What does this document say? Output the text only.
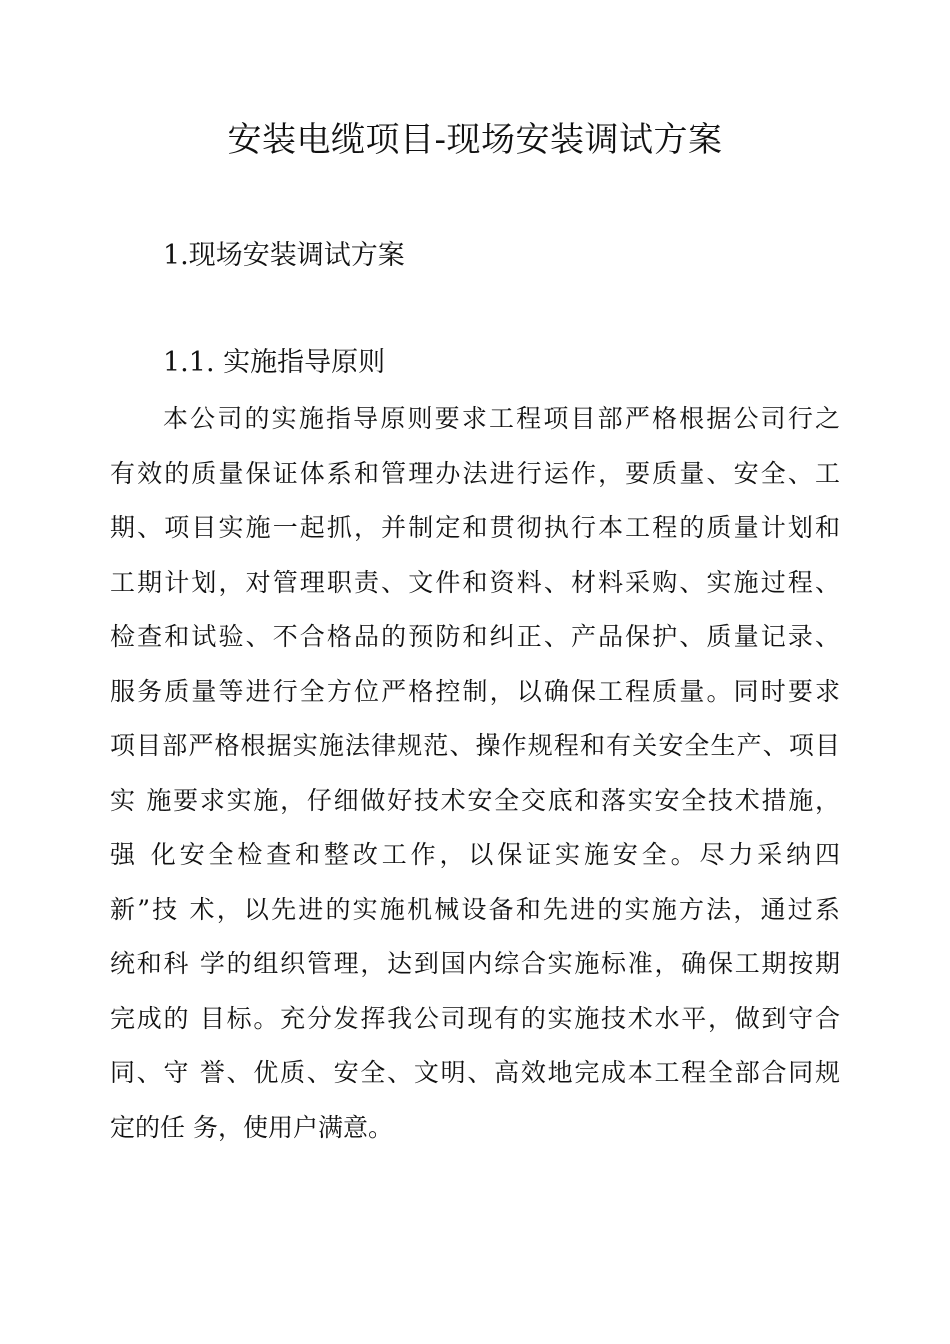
安装电缆项目-现场安装调试方案
1.现场安装调试方案
1.1. 实施指导原则
本公司的实施指导原则要求工程项目部严格根据公司行之
有效的质量保证体系和管理办法进行运作，要质量、安全、工
期、项目实施一起抓，并制定和贯彻执行本工程的质量计划和
工期计划，对管理职责、文件和资料、材料采购、实施过程、
检查和试验、不合格品的预防和纠正、产品保护、质量记录、
服务质量等进行全方位严格控制，以确保工程质量。同时要求
项目部严格根据实施法律规范、操作规程和有关安全生产、项目
实 施要求实施，仔细做好技术安全交底和落实安全技术措施，
强 化安全检查和整改工作，以保证实施安全。尽力采纳四
新”技 术，以先进的实施机械设备和先进的实施方法，通过系
统和科 学的组织管理，达到国内综合实施标准，确保工期按期
完成的 目标。充分发挥我公司现有的实施技术水平，做到守合
同、守 誉、优质、安全、文明、高效地完成本工程全部合同规
定的任 务，使用户满意。
